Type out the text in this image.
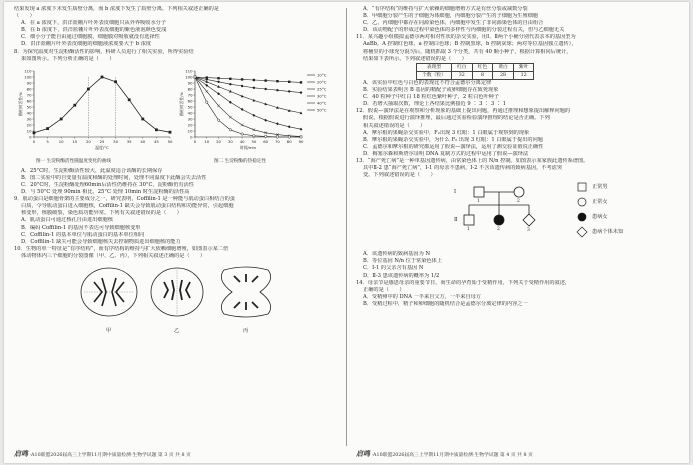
结果发现 a 浓度下未发生质壁分离，而 b 浓度下发生了质壁分离。下列相关叙述正确的是
（　　）
A．在 a 浓度下，洪洋蓝棚片叶外表皮细胞只从外界吸收水分子
B．在 b 浓度下，洪洋蓝棚片叶外表皮细胞的紫色液泡颜色变浅
C．细小分子能自由通过细胞膜，细胞膜对吸收就没有选择性
D．洪洋蓝棚片叶外表皮细胞的细胞液浓度要大于 b 浓度
8．为探究温度对生淀粉酶活性的影响，科研人员进行了相关实验，所得实验结
果如图所示。下列分析正确的是（　　）
0
10
20
30
40
50
60
70
80
90
100
110
0	5	10 15 20 25 30 35 40 45 50
酶相对活性/%
温度/°C
0
10
20
30
40
50
60
70
80
90
100
110
0 10 20 30 40 50 60 70 80 90
酶相对活性/%
时间/min
10°C
20°C
25°C
30°C
40°C
50°C
图一 生淀粉酶活性随温度变化的曲线	图二 生淀粉酶的热稳定性
A．25°C时，生淀粉酶活性较大，此温度适合该酶的长期保存
B．图二实验中的自变量有温度和酶的处理时间，处理不同温度下此酶会失去活性
C．20°C时，生淀粉酶处理60min后活性仍维持在 30°C，淀粉酶仍有活性
D．与 50°C 处理 90min 相比，25°C 处理 10min 时生淀粉酶的活性高
9．肌动蛋白是细胞骨架的主要成分之一，研究表明，Coffilin-1 是一种能与肌动蛋白相结合的蛋
白质，令导肌动蛋白进入细胞核，Coffilin-1 缺失会导致肌动蛋白结构和功能异常，引起细胞
核变形，核膜破裂，染色质功能异常。下列有关叙述错误的是（　　）
A．肌动蛋白可通过核孔自由进出细胞核
B．编码 Coffilin-1 的基因不表达可导致细胞核变形
C．Coffilin-1 的基本单位与肌动蛋白的基本单位相同
D．Coffilin-1 缺失可能会导致细胞核失去控制物质进出细胞核的能力
10．生物的单一特征是“有序结构”，而有序结构的维持与扩大依赖细胞增殖，如图表示某二倍
体动物体内三个细胞的分裂图像（甲、乙、丙），下列相关叙述正确的是（　　）
甲	乙	丙
A．“有序结构”的维持与扩大依赖的细胞增殖方式是有丝分裂或减数分裂
B．甲细胞分裂产生的子细胞为体细胞，丙细胞分裂产生的子细胞为生殖细胞
C．乙、丙细胞中都存在同源染色体，丙细胞中发生了非同源染色体的自由组合
D．该动物配子的形成过程中染色体的多样性与丙细胞的分裂过程有关，但与乙细胞无关
11．某兴趣小组模拟孟德尔两对相对性状的杂交实验，用Ⅰ、Ⅱ两个小桶分别代表亲本的基因型为
AaBb。A 控制红色球，a 控制白色球；B 控制黑球，b 控制灰球；两对等位基因独立遗传），
将桶里的小球充分混匀后，随机抓取 3 个分类，共有 40 颗小种子，根据计算相同后统计，
结果如下表所示。下列叙述错误的是（　　）
表现型	红白	红色	黄白	紫叶
个数（粒）	32	8	28	12
A．该实验中红色与白色的表现比不符合孟德尔分离定律
B．实验结果表明含 B 基因的精配子或卵细胞存在致死现象
C．40 粒种子中红白 18 粒红色紫叶种子，2 粒白色叶种子
D．若增大抽取次数，理论上各结果比例接近 9 ∶ 3 ∶ 3 ∶ 1
12．假说—演绎法是在观察和分析现象的基础上提出问题，再通过推理和想象提出解释问题的
假说，根据假说进行演绎推理，最后通过实验检验演绎推理的结论是否正确。下列
相关叙述错误的是（　　）
A．摩尔根的果蝇杂交实验中，F₂出现 3 红眼：1 白眼属于观察到的现象
B．摩尔根的果蝇杂交实验中，为什么 F₂ 出现 3 红眼：1 白眼属于提出的问题
C．孟德尔和摩尔根的研究都运用了假说—演绎法，运用了测交验证假说正确性
D．梅塞尔森和斯塔尔证明 DNA 复制方式的过程中运用了假说—演绎法
13．“海产死亡病”是一种单基因遗传病，由常染色体上的 N/n 控制。如图表示某家族此遗传系谱图。
其中Ⅱ-2 患“海产死亡病”，Ⅰ-1 的母亲不患病，Ⅰ-2 不含该遗传病的致病基因，不考虑突
变。下列叙述错误的是（　　）
Ⅰ
Ⅱ
1	2
1	2	3
正常男
正常女
患病女
患病个体未知
A．该遗传病的致病基因为 N
B．等位基因 N/n 位于常染色体上
C．Ⅰ-1 的父亲含有基因 N
D．Ⅱ-3 患该遗传病的概率为 1/2
14．母亲节是感恩母亲的重要节日，而生命的孕育始于受精作用，下列关于受精作用的叙述，
正确的是（　　）
A．受精卵中的 DNA 一半来自父方，一半来自母方
B．受精过程中，精子和卵细胞的随机结合是孟德尔分离定律的内容之一
启鸣 ·A10联盟2026届高三上学期11月期中质量检测·生物学试题 第 3 页 共 8 页	启鸣 ·A10联盟2026届高三上学期11月期中质量检测·生物学试题 第 4 页 共 8 页
